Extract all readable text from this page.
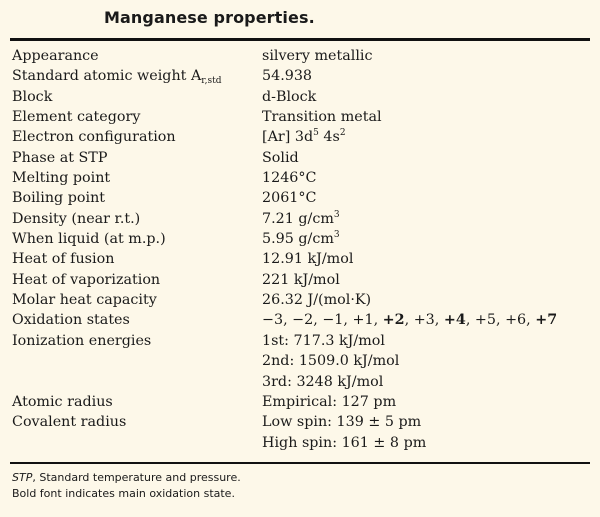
Manganese properties.
Appearance	silvery metallic
Standard atomic weight $A_{r,std}$	54.938
Block	d-Block
Element category	Transition metal
Electron configuration	[Ar] $3d^5$ $4s^2$
Phase at STP	Solid
Melting point	1246°C
Boiling point	2061°C
Density (near r.t.)	7.21 $g/cm^3$
When liquid (at m.p.)	5.95 $g/cm^3$
Heat of fusion	12.91 kJ/mol
Heat of vaporization	221 kJ/mol
Molar heat capacity	26.32 J/(mol·K)
Oxidation states	−3, −2, −1, +1, +2, +3, +4, +5, +6, +7
Ionization energies	1st: 717.3 kJ/mol
2nd: 1509.0 kJ/mol
3rd: 3248 kJ/mol
Atomic radius	Empirical: 127 pm
Covalent radius	Low spin: 139 ± 5 pm
High spin: 161 ± 8 pm
STP, Standard temperature and pressure.
Bold font indicates main oxidation state.
